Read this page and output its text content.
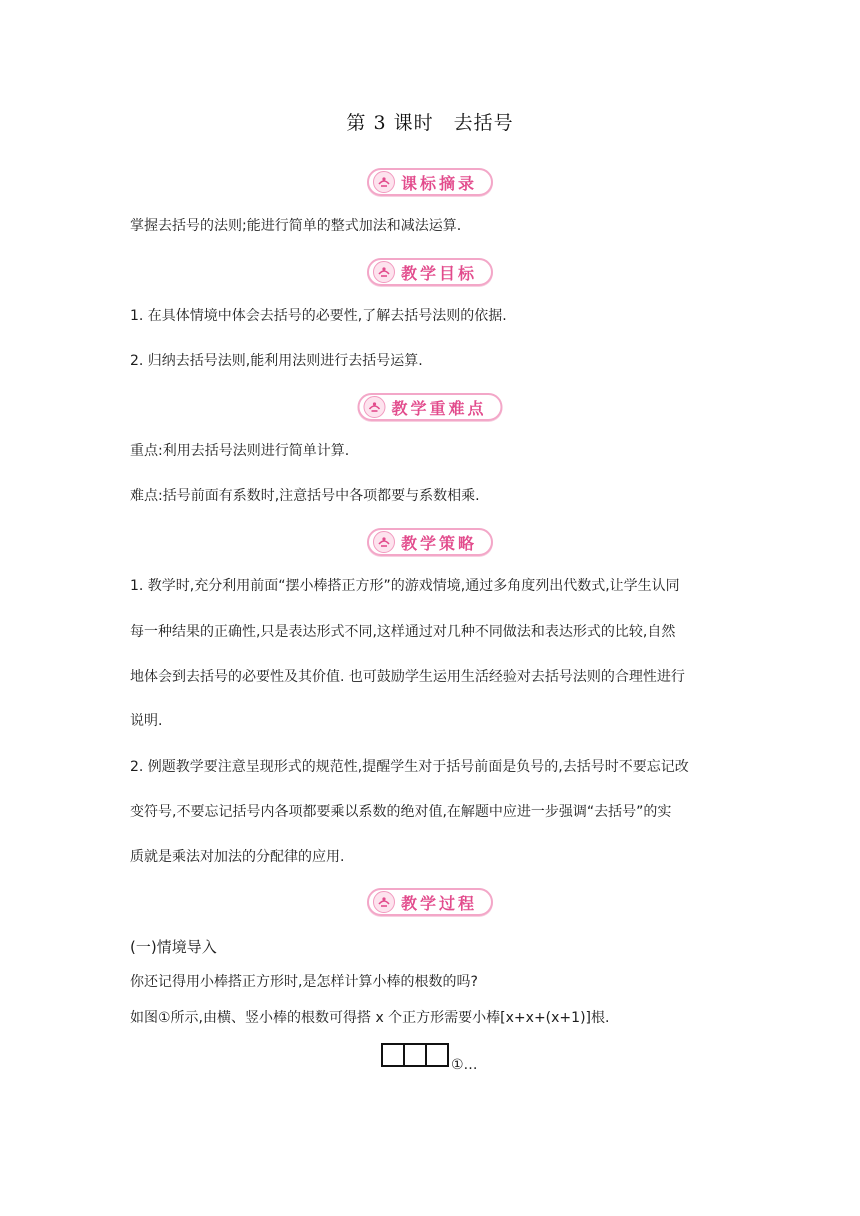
第 3 课时　去括号
课标摘录
掌握去括号的法则;能进行简单的整式加法和减法运算.
教学目标
1. 在具体情境中体会去括号的必要性,了解去括号法则的依据.
2. 归纳去括号法则,能利用法则进行去括号运算.
教学重难点
重点:利用去括号法则进行简单计算.
难点:括号前面有系数时,注意括号中各项都要与系数相乘.
教学策略
1. 教学时,充分利用前面“摆小棒搭正方形”的游戏情境,通过多角度列出代数式,让学生认同
每一种结果的正确性,只是表达形式不同,这样通过对几种不同做法和表达形式的比较,自然
地体会到去括号的必要性及其价值. 也可鼓励学生运用生活经验对去括号法则的合理性进行
说明.
2. 例题教学要注意呈现形式的规范性,提醒学生对于括号前面是负号的,去括号时不要忘记改
变符号,不要忘记括号内各项都要乘以系数的绝对值,在解题中应进一步强调“去括号”的实
质就是乘法对加法的分配律的应用.
教学过程
(一)情境导入
你还记得用小棒搭正方形时,是怎样计算小棒的根数的吗?
如图①所示,由横、竖小棒的根数可得搭 x 个正方形需要小棒[x+x+(x+1)]根.
①…
